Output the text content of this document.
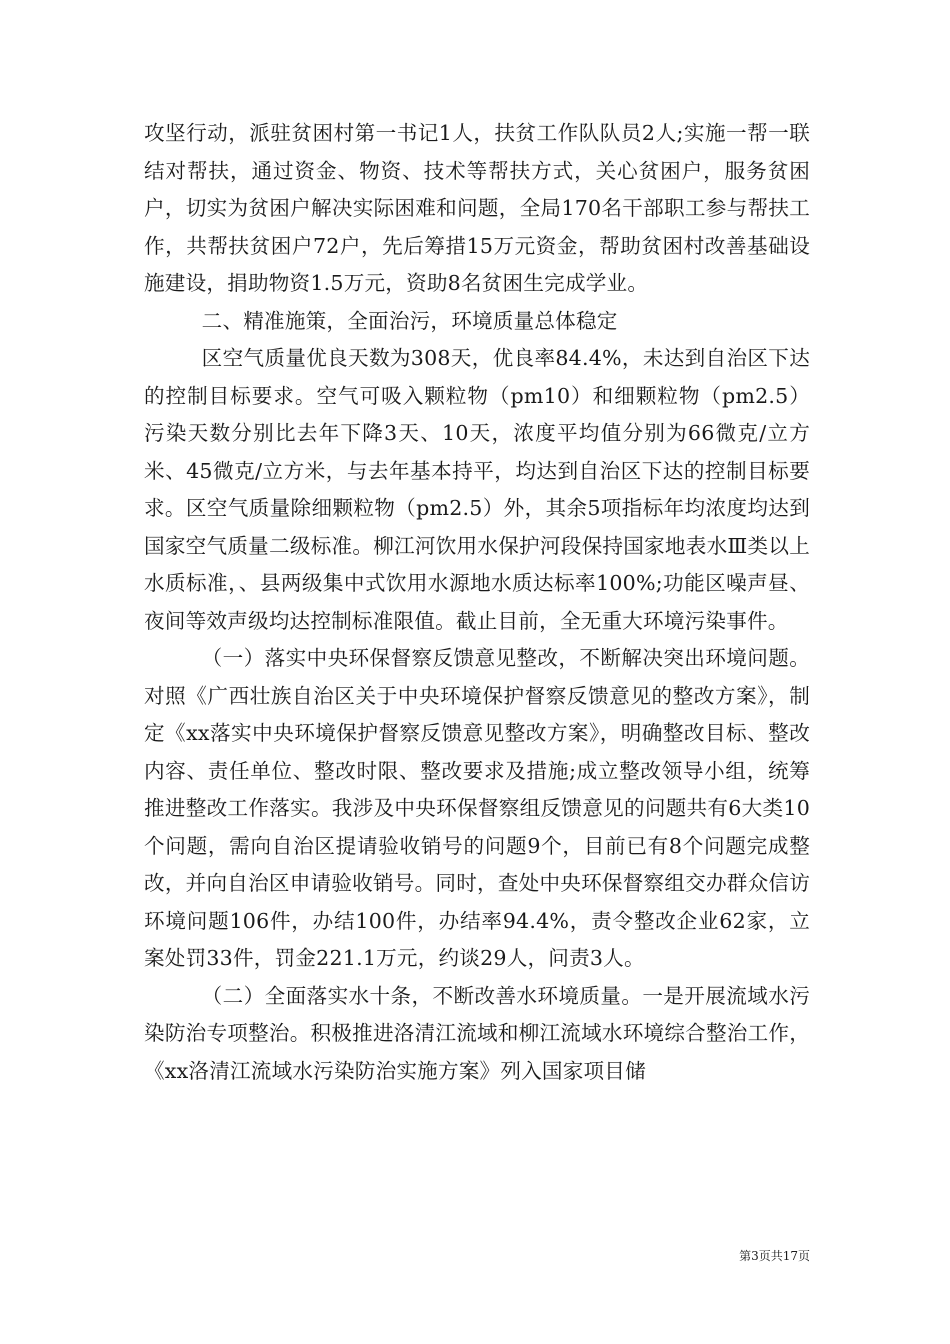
攻坚行动，派驻贫困村第一书记1人，扶贫工作队队员2人;实施一帮一联结对帮扶，通过资金、物资、技术等帮扶方式，关心贫困户，服务贫困户，切实为贫困户解决实际困难和问题，全局170名干部职工参与帮扶工作，共帮扶贫困户72户，先后筹措15万元资金，帮助贫困村改善基础设施建设，捐助物资1.5万元，资助8名贫困生完成学业。

二、精准施策，全面治污，环境质量总体稳定

区空气质量优良天数为308天，优良率84.4%，未达到自治区下达的控制目标要求。空气可吸入颗粒物（pm10）和细颗粒物（pm2.5）污染天数分别比去年下降3天、10天，浓度平均值分别为66微克/立方米、45微克/立方米，与去年基本持平，均达到自治区下达的控制目标要求。区空气质量除细颗粒物（pm2.5）外，其余5项指标年均浓度均达到国家空气质量二级标准。柳江河饮用水保护河段保持国家地表水Ⅲ类以上水质标准，、县两级集中式饮用水源地水质达标率100%;功能区噪声昼、夜间等效声级均达控制标准限值。截止目前，全无重大环境污染事件。

（一）落实中央环保督察反馈意见整改，不断解决突出环境问题。对照《广西壮族自治区关于中央环境保护督察反馈意见的整改方案》，制定《xx落实中央环境保护督察反馈意见整改方案》，明确整改目标、整改内容、责任单位、整改时限、整改要求及措施;成立整改领导小组，统筹推进整改工作落实。我涉及中央环保督察组反馈意见的问题共有6大类10个问题，需向自治区提请验收销号的问题9个，目前已有8个问题完成整改，并向自治区申请验收销号。同时，查处中央环保督察组交办群众信访环境问题106件，办结100件，办结率94.4%，责令整改企业62家，立案处罚33件，罚金221.1万元，约谈29人，问责3人。

（二）全面落实水十条，不断改善水环境质量。一是开展流域水污染防治专项整治。积极推进洛清江流域和柳江流域水环境综合整治工作，《xx洛清江流域水污染防治实施方案》列入国家项目储

第3页共17页
